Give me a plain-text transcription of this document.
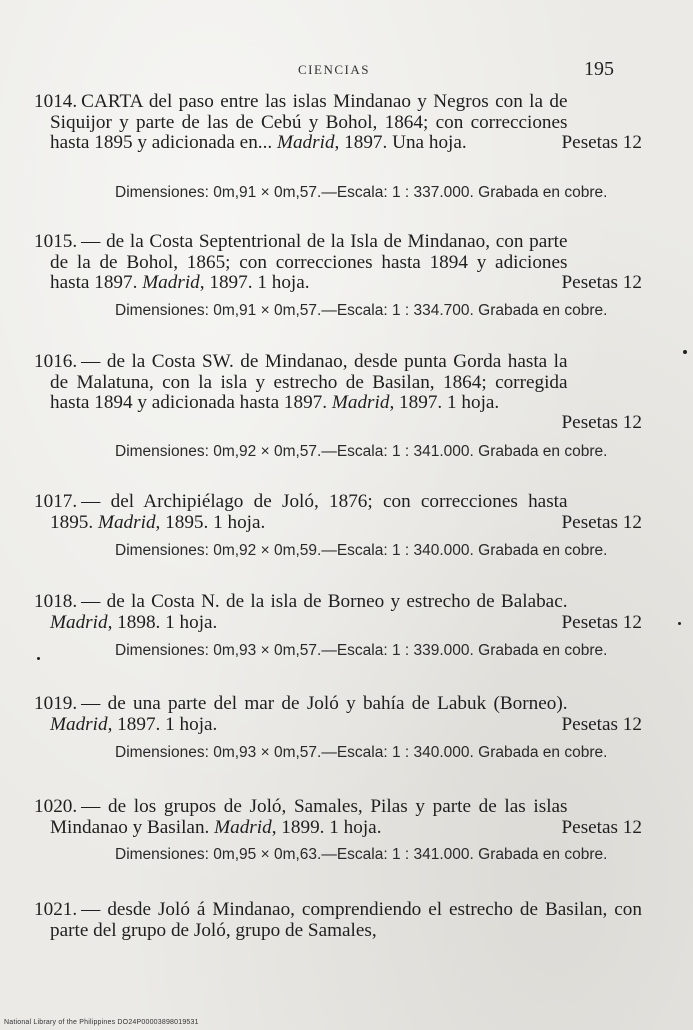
CIENCIAS	195

Pesetas 12
1014. CARTA del paso entre las islas Mindanao y Negros con la de Siquijor y parte de las de Cebú y Bohol, 1864; con correcciones hasta 1895 y adicionada en... Madrid, 1897. Una hoja.

Dimensiones: 0m,91 × 0m,57.—Escala: 1 : 337.000. Grabada en cobre.

Pesetas 12
1015. — de la Costa Septentrional de la Isla de Mindanao, con parte de la de Bohol, 1865; con correcciones hasta 1894 y adiciones hasta 1897. Madrid, 1897. 1 hoja.

Dimensiones: 0m,91 × 0m,57.—Escala: 1 : 334.700. Grabada en cobre.

Pesetas 12
1016. — de la Costa SW. de Mindanao, desde punta Gorda hasta la de Malatuna, con la isla y estrecho de Basilan, 1864; corregida hasta 1894 y adicionada hasta 1897. Madrid, 1897. 1 hoja.

Dimensiones: 0m,92 × 0m,57.—Escala: 1 : 341.000. Grabada en cobre.

Pesetas 12
1017. — del Archipiélago de Joló, 1876; con correcciones hasta 1895. Madrid, 1895. 1 hoja.

Dimensiones: 0m,92 × 0m,59.—Escala: 1 : 340.000. Grabada en cobre.

Pesetas 12
1018. — de la Costa N. de la isla de Borneo y estrecho de Balabac. Madrid, 1898. 1 hoja.

Dimensiones: 0m,93 × 0m,57.—Escala: 1 : 339.000. Grabada en cobre.

Pesetas 12
1019. — de una parte del mar de Joló y bahía de Labuk (Borneo). Madrid, 1897. 1 hoja.

Dimensiones: 0m,93 × 0m,57.—Escala: 1 : 340.000. Grabada en cobre.

Pesetas 12
1020. — de los grupos de Joló, Samales, Pilas y parte de las islas Mindanao y Basilan. Madrid, 1899. 1 hoja.

Dimensiones: 0m,95 × 0m,63.—Escala: 1 : 341.000. Grabada en cobre.

1021. — desde Joló á Mindanao, comprendiendo el estrecho de Basilan, con parte del grupo de Joló, grupo de Samales,

National Library of the Philippines DO24P00003898019531
